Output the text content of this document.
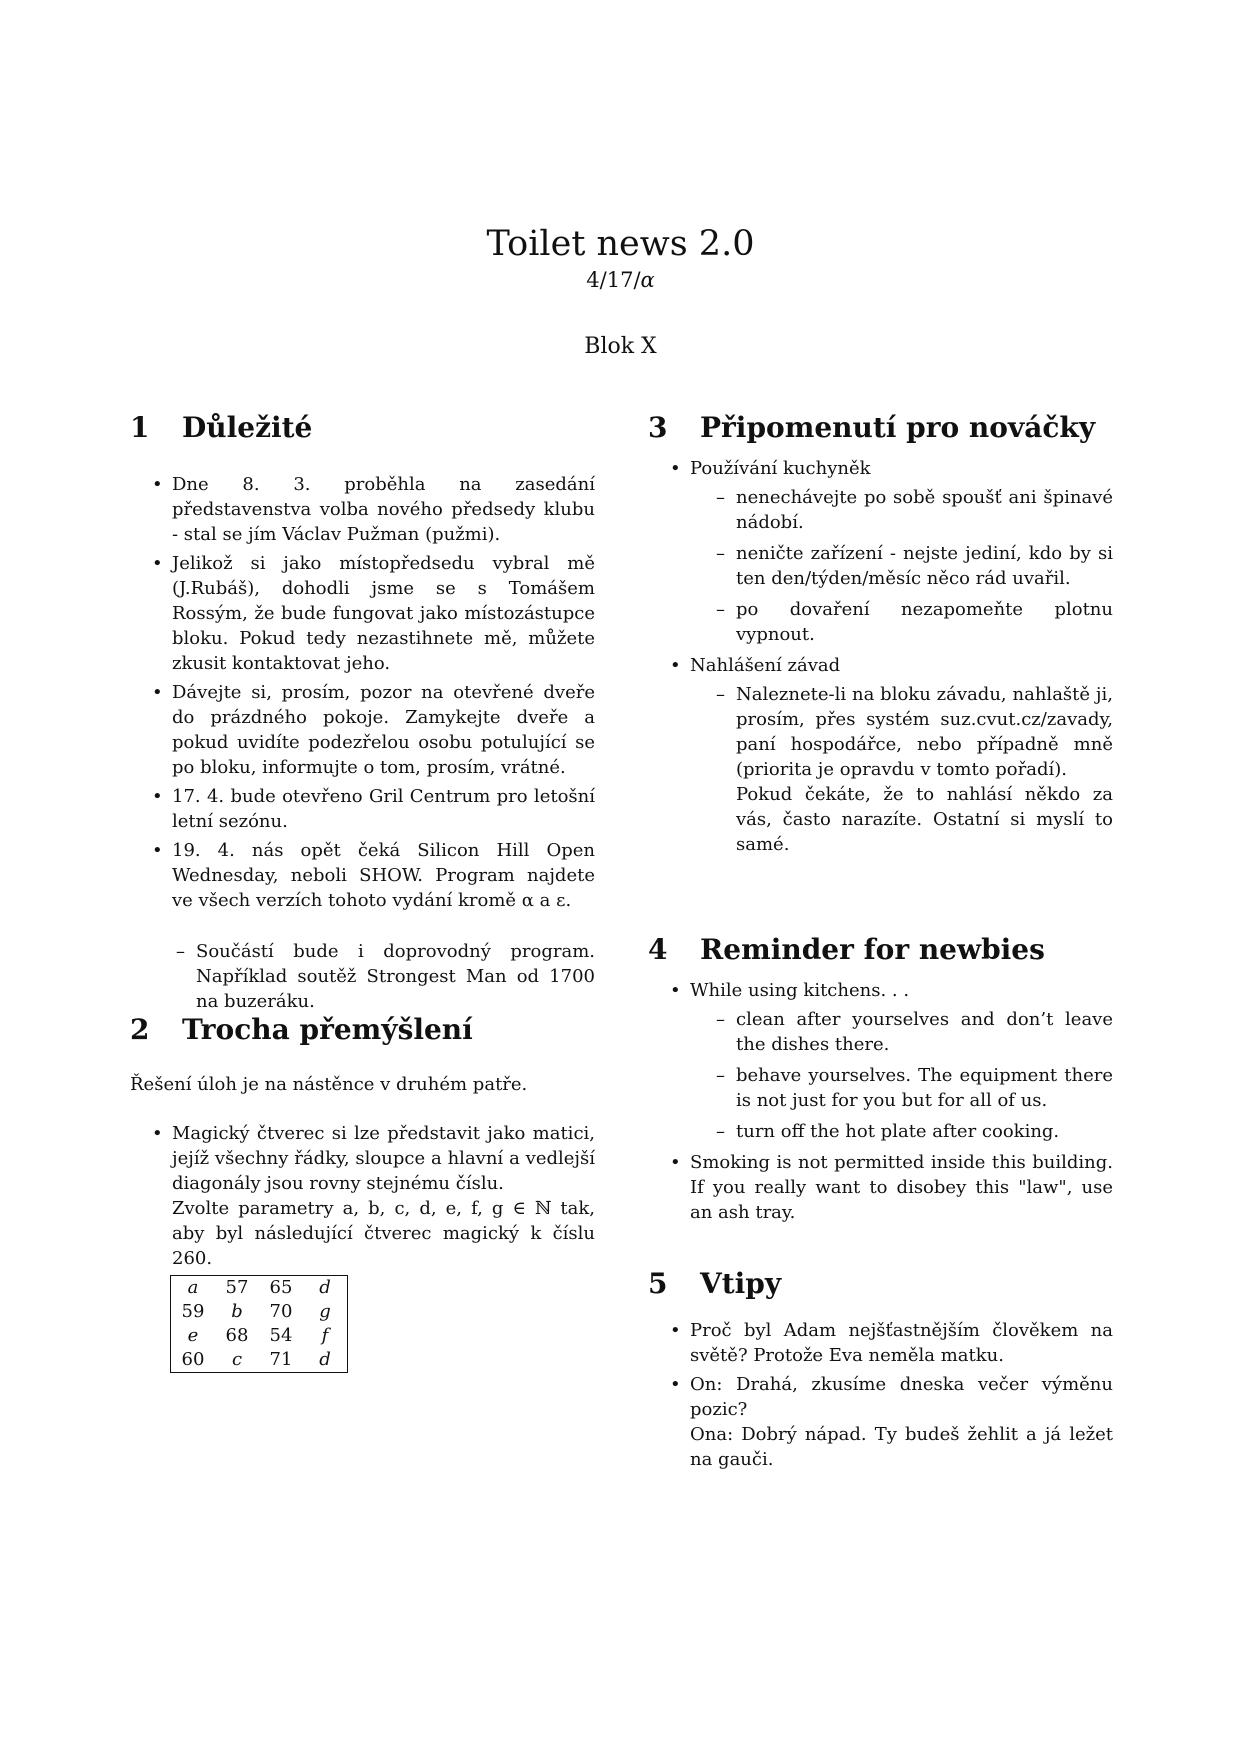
Toilet news 2.0
4/17/α
Blok X
1 Důležité
• Dne 8. 3. proběhla na zasedání představenstva volba nového předsedy klubu - stal se jím Václav Pužman (pužmi).
• Jelikož si jako místopředsedu vybral mě (J.Rubáš), dohodli jsme se s Tomášem Rossým, že bude fungovat jako místozástupce bloku. Pokud tedy nezastihnete mě, můžete zkusit kontaktovat jeho.
• Dávejte si, prosím, pozor na otevřené dveře do prázdného pokoje. Zamykejte dveře a pokud uvidíte podezřelou osobu potulující se po bloku, informujte o tom, prosím, vrátné.
• 17. 4. bude otevřeno Gril Centrum pro letošní letní sezónu.
• 19. 4. nás opět čeká Silicon Hill Open Wednesday, neboli SHOW. Program najdete ve všech verzích tohoto vydání kromě α a ε.
– Součástí bude i doprovodný program. Například soutěž Strongest Man od 1700 na buzeráku.
2 Trocha přemýšlení

Řešení úloh je na nástěnce v druhém patře.

• Magický čtverec si lze představit jako matici, jejíž všechny řádky, sloupce a hlavní a vedlejší diagonály jsou rovny stejnému číslu.
Zvolte parametry a, b, c, d, e, f, g ∈ ℕ tak, aby byl následující čtverec magický k číslu 260.
a	57	65	d
59	b	70	g
e	68	54	f
60	c	71	d
3 Připomenutí pro nováčky
• Používání kuchyněk
– nenechávejte po sobě spoušť ani špinavé nádobí.
– neničte zařízení - nejste jediní, kdo by si ten den/týden/měsíc něco rád uvařil.
– po dovaření nezapomeňte plotnu vypnout.
• Nahlášení závad
– Naleznete-li na bloku závadu, nahlaště ji, prosím, přes systém suz.cvut.cz/zavady, paní hospodářce, nebo případně mně (priorita je opravdu v tomto pořadí).
Pokud čekáte, že to nahlásí někdo za vás, často narazíte. Ostatní si myslí to samé.
4 Reminder for newbies
• While using kitchens. . .
– clean after yourselves and don’t leave the dishes there.
– behave yourselves. The equipment there is not just for you but for all of us.
– turn off the hot plate after cooking.
• Smoking is not permitted inside this building. If you really want to disobey this "law", use an ash tray.
5 Vtipy
• Proč byl Adam nejšťastnějším člověkem na světě? Protože Eva neměla matku.
• On: Drahá, zkusíme dneska večer výměnu pozic?
Ona: Dobrý nápad. Ty budeš žehlit a já ležet na gauči.
